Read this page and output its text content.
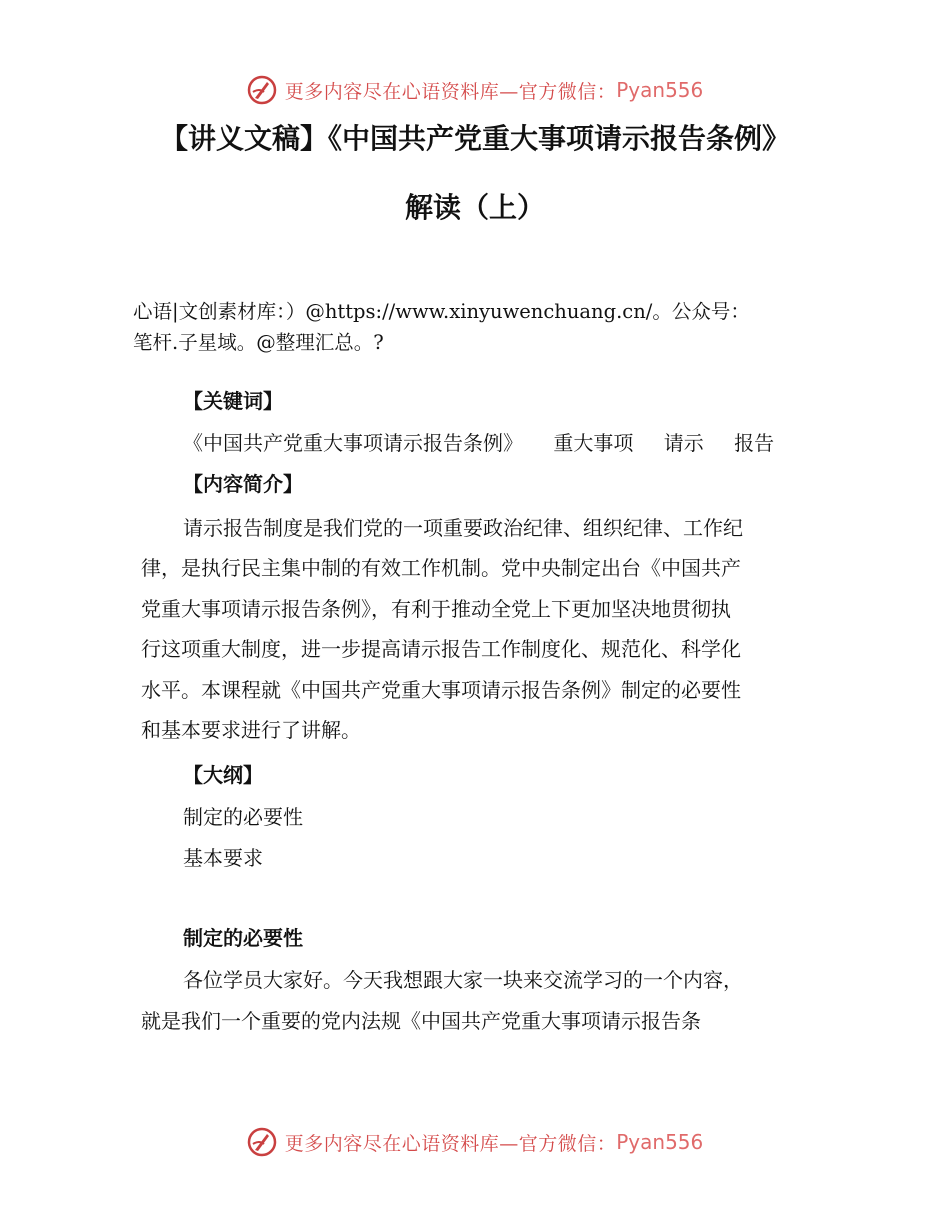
更多内容尽在心语资料库—官方微信： Pyan556
【讲义文稿】《中国共产党重大事项请示报告条例》
解读（上）
心语|文创素材库：）@https://www.xinyuwenchuang.cn/。公众号：
笔杆.子星域。@整理汇总。?
【关键词】
《中国共产党重大事项请示报告条例》 重大事项 请示 报告
【内容简介】
请示报告制度是我们党的一项重要政治纪律、组织纪律、工作纪
律，是执行民主集中制的有效工作机制。党中央制定出台《中国共产
党重大事项请示报告条例》，有利于推动全党上下更加坚决地贯彻执
行这项重大制度，进一步提高请示报告工作制度化、规范化、科学化
水平。本课程就《中国共产党重大事项请示报告条例》制定的必要性
和基本要求进行了讲解。
【大纲】
制定的必要性
基本要求
制定的必要性
各位学员大家好。今天我想跟大家一块来交流学习的一个内容，
就是我们一个重要的党内法规《中国共产党重大事项请示报告条
更多内容尽在心语资料库—官方微信： Pyan556
